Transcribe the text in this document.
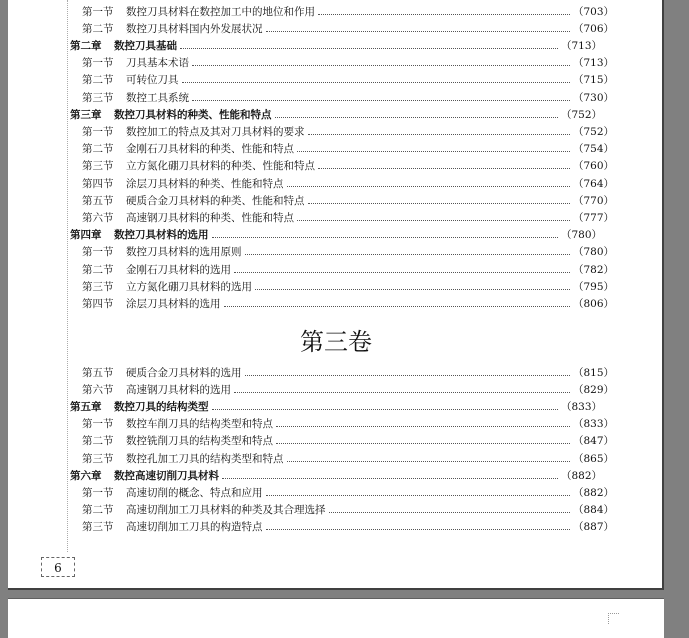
第一节	数控刀具材料在数控加工中的地位和作用	（703）
第二节	数控刀具材料国内外发展状况	（706）
第二章	数控刀具基础	（713）
第一节	刀具基本术语	（713）
第二节	可转位刀具	（715）
第三节	数控工具系统	（730）
第三章	数控刀具材料的种类、性能和特点	（752）
第一节	数控加工的特点及其对刀具材料的要求	（752）
第二节	金刚石刀具材料的种类、性能和特点	（754）
第三节	立方氮化硼刀具材料的种类、性能和特点	（760）
第四节	涂层刀具材料的种类、性能和特点	（764）
第五节	硬质合金刀具材料的种类、性能和特点	（770）
第六节	高速钢刀具材料的种类、性能和特点	（777）
第四章	数控刀具材料的选用	（780）
第一节	数控刀具材料的选用原则	（780）
第二节	金刚石刀具材料的选用	（782）
第三节	立方氮化硼刀具材料的选用	（795）
第四节	涂层刀具材料的选用	（806）
第三卷
第五节	硬质合金刀具材料的选用	（815）
第六节	高速钢刀具材料的选用	（829）
第五章	数控刀具的结构类型	（833）
第一节	数控车削刀具的结构类型和特点	（833）
第二节	数控铣削刀具的结构类型和特点	（847）
第三节	数控孔加工刀具的结构类型和特点	（865）
第六章	数控高速切削刀具材料	（882）
第一节	高速切削的概念、特点和应用	（882）
第二节	高速切削加工刀具材料的种类及其合理选择	（884）
第三节	高速切削加工刀具的构造特点	（887）
6
